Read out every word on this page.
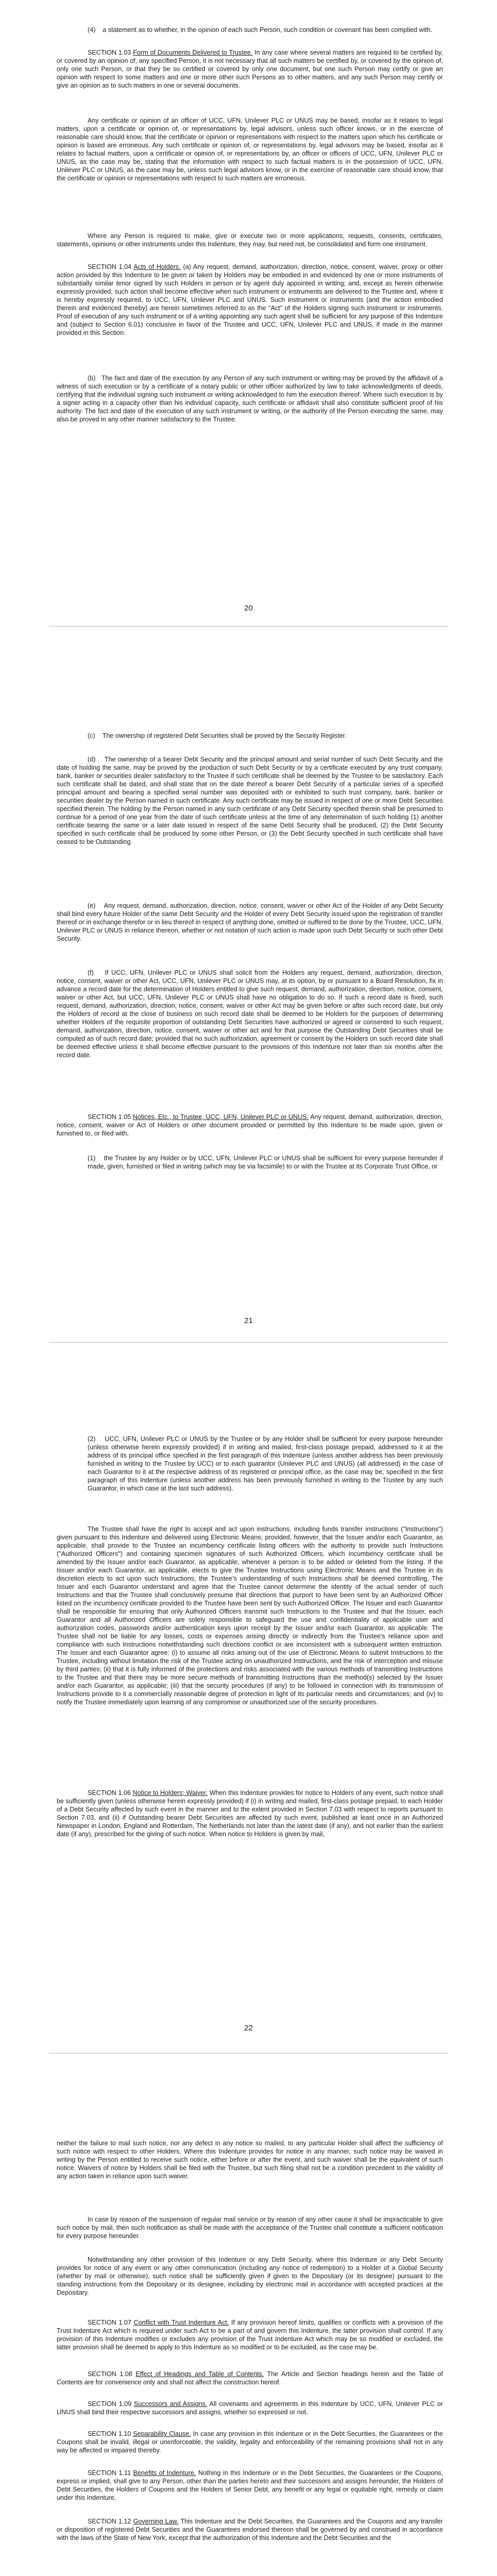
(4)    a statement as to whether, in the opinion of each such Person, such condition or covenant has been complied with.

SECTION 1.03 Form of Documents Delivered to Trustee. In any case where several matters are required to be certified by, or covered by an opinion of, any specified Person, it is not necessary that all such matters be certified by, or covered by the opinion of, only one such Person, or that they be so certified or covered by only one document, but one such Person may certify or give an opinion with respect to some matters and one or more other such Persons as to other matters, and any such Person may certify or give an opinion as to such matters in one or several documents.

Any certificate or opinion of an officer of UCC, UFN, Unilever PLC or UNUS may be based, insofar as it relates to legal matters, upon a certificate or opinion of, or representations by, legal advisors, unless such officer knows, or in the exercise of reasonable care should know, that the certificate or opinion or representations with respect to the matters upon which his certificate or opinion is based are erroneous. Any such certificate or opinion of, or representations by, legal advisors may be based, insofar as it relates to factual matters, upon a certificate or opinion of, or representations by, an officer or officers of UCC, UFN, Unilever PLC or UNUS, as the case may be, stating that the information with respect to such factual matters is in the possession of UCC, UFN, Unilever PLC or UNUS, as the case may be, unless such legal advisors know, or in the exercise of reasonable care should know, that the certificate or opinion or representations with respect to such matters are erroneous.

Where any Person is required to make, give or execute two or more applications, requests, consents, certificates, statements, opinions or other instruments under this Indenture, they may, but need not, be consolidated and form one instrument.

SECTION 1.04 Acts of Holders. (a) Any request, demand, authorization, direction, notice, consent, waiver, proxy or other action provided by this Indenture to be given or taken by Holders may be embodied in and evidenced by one or more instruments of substantially similar tenor signed by such Holders in person or by agent duly appointed in writing; and, except as herein otherwise expressly provided, such action shall become effective when such instrument or instruments are delivered to the Trustee and, where it is hereby expressly required, to UCC, UFN, Unilever PLC and UNUS. Such instrument or instruments (and the action embodied therein and evidenced thereby) are herein sometimes referred to as the "Act" of the Holders signing such instrument or instruments. Proof of execution of any such instrument or of a writing appointing any such agent shall be sufficient for any purpose of this Indenture and (subject to Section 6.01) conclusive in favor of the Trustee and UCC, UFN, Unilever PLC and UNUS, if made in the manner provided in this Section.

(b)   The fact and date of the execution by any Person of any such instrument or writing may be proved by the affidavit of a witness of such execution or by a certificate of a notary public or other officer authorized by law to take acknowledgments of deeds, certifying that the individual signing such instrument or writing acknowledged to him the execution thereof. Where such execution is by a signer acting in a capacity other than his individual capacity, such certificate or affidavit shall also constitute sufficient proof of his authority. The fact and date of the execution of any such instrument or writing, or the authority of the Person executing the same, may also be proved in any other manner satisfactory to the Trustee.

20

(c)    The ownership of registered Debt Securities shall be proved by the Security Register.

(d)    The ownership of a bearer Debt Security and the principal amount and serial number of such Debt Security and the date of holding the same, may be proved by the production of such Debt Security or by a certificate executed by any trust company, bank, banker or securities dealer satisfactory to the Trustee if such certificate shall be deemed by the Trustee to be satisfactory. Each such certificate shall be dated, and shall state that on the date thereof a bearer Debt Security of a particular series of a specified principal amount and bearing a specified serial number was deposited with or exhibited to such trust company, bank, banker or securities dealer by the Person named in such certificate. Any such certificate may be issued in respect of one or more Debt Securities specified therein. The holding by the Person named in any such certificate of any Debt Security specified therein shall be presumed to continue for a period of one year from the date of such certificate unless at the time of any determination of such holding (1) another certificate bearing the same or a later date issued in respect of the same Debt Security shall be produced, (2) the Debt Security specified in such certificate shall be produced by some other Person, or (3) the Debt Security specified in such certificate shall have ceased to be Outstanding.

(e)    Any request, demand, authorization, direction, notice, consent, waiver or other Act of the Holder of any Debt Security shall bind every future Holder of the same Debt Security and the Holder of every Debt Security issued upon the registration of transfer thereof or in exchange therefor or in lieu thereof in respect of anything done, omitted or suffered to be done by the Trustee, UCC, UFN, Unilever PLC or UNUS in reliance thereon, whether or not notation of such action is made upon such Debt Security or such other Debt Security.

(f)    If UCC, UFN, Unilever PLC or UNUS shall solicit from the Holders any request, demand, authorization, direction, notice, consent, waiver or other Act, UCC, UFN, Unilever PLC or UNUS may, at its option, by or pursuant to a Board Resolution, fix in advance a record date for the determination of Holders entitled to give such request, demand, authorization, direction, notice, consent, waiver or other Act, but UCC, UFN, Unilever PLC or UNUS shall have no obligation to do so. If such a record date is fixed, such request, demand, authorization, direction, notice, consent, waiver or other Act may be given before or after such record date, but only the Holders of record at the close of business on such record date shall be deemed to be Holders for the purposes of determining whether Holders of the requisite proportion of outstanding Debt Securities have authorized or agreed or consented to such request, demand, authorization, direction, notice, consent, waiver or other act and for that purpose the Outstanding Debt Securities shall be computed as of such record date; provided that no such authorization, agreement or consent by the Holders on such record date shall be deemed effective unless it shall become effective pursuant to the provisions of this Indenture not later than six months after the record date.

SECTION 1.05 Notices, Etc., to Trustee, UCC, UFN, Unilever PLC or UNUS. Any request, demand, authorization, direction, notice, consent, waiver or Act of Holders or other document provided or permitted by this Indenture to be made upon, given or furnished to, or filed with,

(1)    the Trustee by any Holder or by UCC, UFN, Unilever PLC or UNUS shall be sufficient for every purpose hereunder if made, given, furnished or filed in writing (which may be via facsimile) to or with the Trustee at its Corporate Trust Office, or

21

(2)    UCC, UFN, Unilever PLC or UNUS by the Trustee or by any Holder shall be sufficient for every purpose hereunder (unless otherwise herein expressly provided) if in writing and mailed, first-class postage prepaid, addressed to it at the address of its principal office specified in the first paragraph of this Indenture (unless another address has been previously furnished in writing to the Trustee by UCC) or to each guarantor (Unilever PLC and UNUS) (all addressed) in the case of each Guarantor to it at the respective address of its registered or principal office, as the case may be, specified in the first paragraph of this Indenture (unless another address has been previously furnished in writing to the Trustee by any such Guarantor, in which case at the last such address).

The Trustee shall have the right to accept and act upon instructions, including funds transfer instructions ("Instructions") given pursuant to this Indenture and delivered using Electronic Means; provided, however, that the Issuer and/or each Guarantor, as applicable, shall provide to the Trustee an incumbency certificate listing officers with the authority to provide such Instructions ("Authorized Officers") and containing specimen signatures of such Authorized Officers, which incumbency certificate shall be amended by the Issuer and/or each Guarantor, as applicable, whenever a person is to be added or deleted from the listing. If the Issuer and/or each Guarantor, as applicable, elects to give the Trustee Instructions using Electronic Means and the Trustee in its discretion elects to act upon such Instructions, the Trustee's understanding of such Instructions shall be deemed controlling. The Issuer and each Guarantor understand and agree that the Trustee cannot determine the identity of the actual sender of such Instructions and that the Trustee shall conclusively presume that directions that purport to have been sent by an Authorized Officer listed on the incumbency certificate provided to the Trustee have been sent by such Authorized Officer. The Issuer and each Guarantor shall be responsible for ensuring that only Authorized Officers transmit such Instructions to the Trustee and that the Issuer, each Guarantor and all Authorized Officers are solely responsible to safeguard the use and confidentiality of applicable user and authorization codes, passwords and/or authentication keys upon receipt by the Issuer and/or each Guarantor, as applicable. The Trustee shall not be liable for any losses, costs or expenses arising directly or indirectly from the Trustee's reliance upon and compliance with such Instructions notwithstanding such directions conflict or are inconsistent with a subsequent written instruction. The Issuer and each Guarantor agree: (i) to assume all risks arising out of the use of Electronic Means to submit Instructions to the Trustee, including without limitation the risk of the Trustee acting on unauthorized Instructions, and the risk of interception and misuse by third parties; (ii) that it is fully informed of the protections and risks associated with the various methods of transmitting Instructions to the Trustee and that there may be more secure methods of transmitting Instructions than the method(s) selected by the Issuer and/or each Guarantor, as applicable; (iii) that the security procedures (if any) to be followed in connection with its transmission of Instructions provide to it a commercially reasonable degree of protection in light of its particular needs and circumstances; and (iv) to notify the Trustee immediately upon learning of any compromise or unauthorized use of the security procedures.

SECTION 1.06 Notice to Holders; Waiver. When this Indenture provides for notice to Holders of any event, such notice shall be sufficiently given (unless otherwise herein expressly provided) if (i) in writing and mailed, first-class postage prepaid, to each Holder of a Debt Security affected by such event in the manner and to the extent provided in Section 7.03 with respect to reports pursuant to Section 7.03, and (ii) if Outstanding bearer Debt Securities are affected by such event, published at least once in an Authorized Newspaper in London, England and Rotterdam, The Netherlands not later than the latest date (if any), and not earlier than the earliest date (if any), prescribed for the giving of such notice. When notice to Holders is given by mail,

22

neither the failure to mail such notice, nor any defect in any notice so mailed, to any particular Holder shall affect the sufficiency of such notice with respect to other Holders. Where this Indenture provides for notice in any manner, such notice may be waived in writing by the Person entitled to receive such notice, either before or after the event, and such waiver shall be the equivalent of such notice. Waivers of notice by Holders shall be filed with the Trustee, but such filing shall not be a condition precedent to the validity of any action taken in reliance upon such waiver.

In case by reason of the suspension of regular mail service or by reason of any other cause it shall be impracticable to give such notice by mail, then such notification as shall be made with the acceptance of the Trustee shall constitute a sufficient notification for every purpose hereunder.

Notwithstanding any other provision of this Indenture or any Debt Security, where this Indenture or any Debt Security provides for notice of any event or any other communication (including any notice of redemption) to a Holder of a Global Security (whether by mail or otherwise), such notice shall be sufficiently given if given to the Depositary (or its designee) pursuant to the standing instructions from the Depositary or its designee, including by electronic mail in accordance with accepted practices at the Depositary.

SECTION 1.07 Conflict with Trust Indenture Act. If any provision hereof limits, qualifies or conflicts with a provision of the Trust Indenture Act which is required under such Act to be a part of and govern this Indenture, the latter provision shall control. If any provision of this Indenture modifies or excludes any provision of the Trust Indenture Act which may be so modified or excluded, the latter provision shall be deemed to apply to this Indenture as so modified or to be excluded, as the case may be.

SECTION 1.08 Effect of Headings and Table of Contents. The Article and Section headings herein and the Table of Contents are for convenience only and shall not affect the construction hereof.

SECTION 1.09 Successors and Assigns. All covenants and agreements in this Indenture by UCC, UFN, Unilever PLC or UNUS shall bind their respective successors and assigns, whether so expressed or not.

SECTION 1.10 Separability Clause. In case any provision in this Indenture or in the Debt Securities, the Guarantees or the Coupons shall be invalid, illegal or unenforceable, the validity, legality and enforceability of the remaining provisions shall not in any way be affected or impaired thereby.

SECTION 1.11 Benefits of Indenture. Nothing in this Indenture or in the Debt Securities, the Guarantees or the Coupons, express or implied, shall give to any Person, other than the parties hereto and their successors and assigns hereunder, the Holders of Debt Securities, the Holders of Coupons and the Holders of Senior Debt, any benefit or any legal or equitable right, remedy or claim under this Indenture.

SECTION 1.12 Governing Law. This Indenture and the Debt Securities, the Guarantees and the Coupons and any transfer or disposition of registered Debt Securities and the Guarantees endorsed thereon shall be governed by and construed in accordance with the laws of the State of New York, except that the authorization of this Indenture and the Debt Securities and the
